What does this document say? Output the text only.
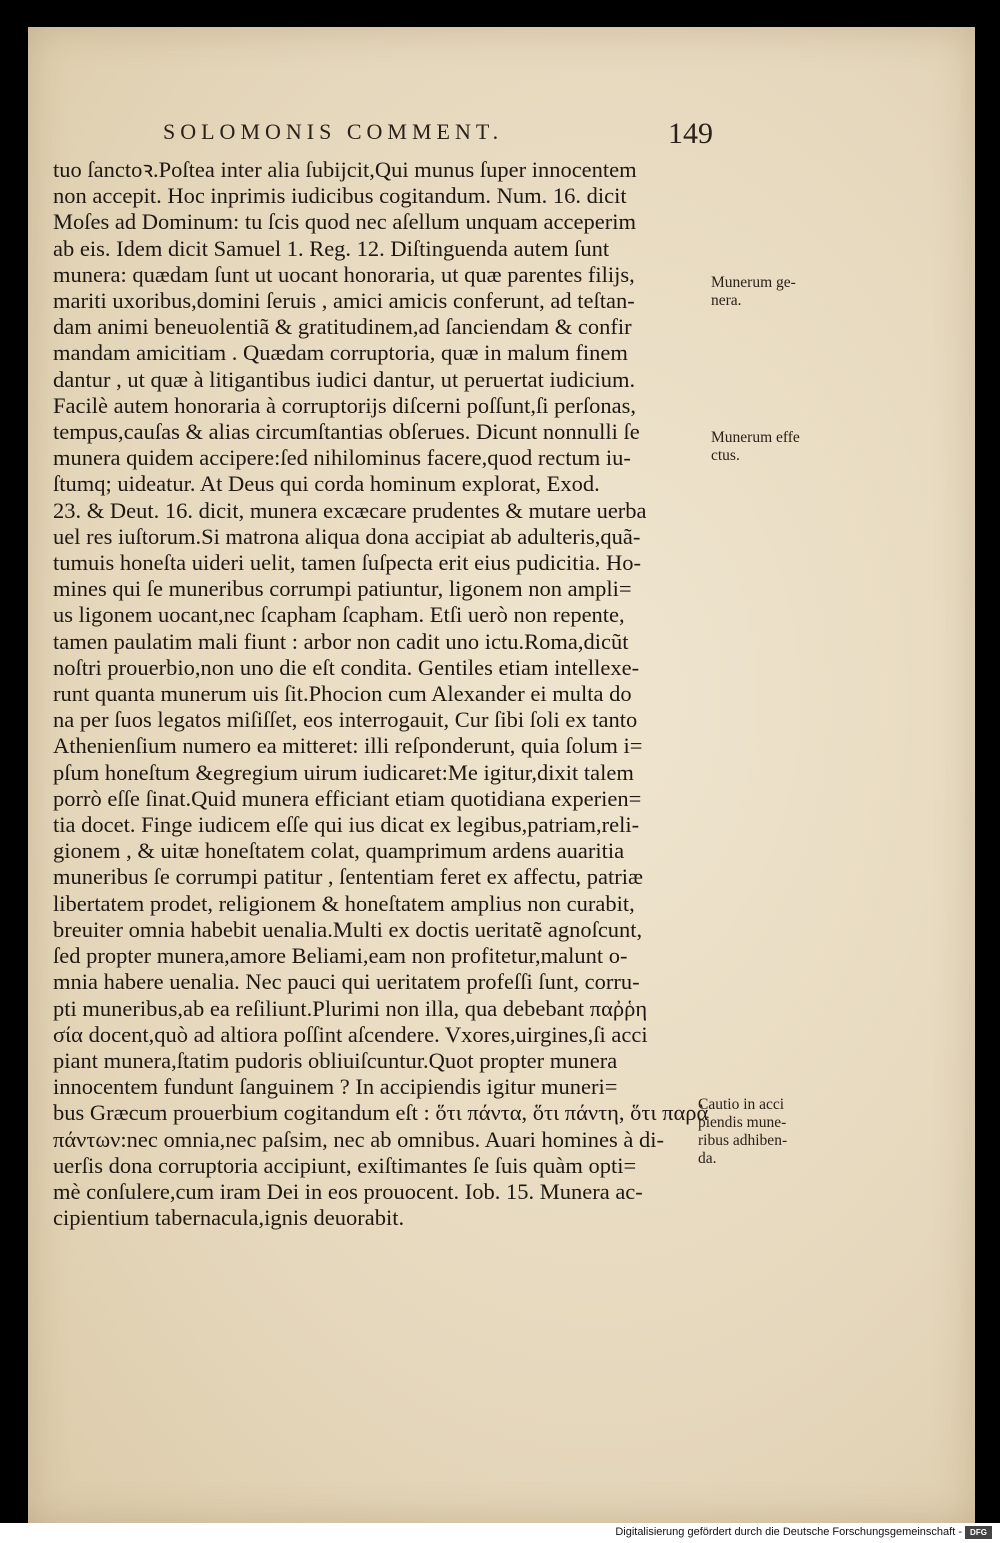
SOLOMONIS COMMENT.	149
tuo ſanctoꝛ.Poſtea inter alia ſubijcit,Qui munus ſuper innocentem
non accepit. Hoc inprimis iudicibus cogitandum. Num. 16. dicit
Moſes ad Dominum: tu ſcis quod nec aſellum unquam acceperim
ab eis. Idem dicit Samuel 1. Reg. 12. Diſtinguenda autem ſunt
munera: quædam ſunt ut uocant honoraria, ut quæ parentes filijs,
mariti uxoribus,domini ſeruis , amici amicis conferunt, ad teſtan-
dam animi beneuolentiã & gratitudinem,ad ſanciendam & confir
mandam amicitiam . Quædam corruptoria, quæ in malum finem
dantur , ut quæ à litigantibus iudici dantur, ut peruertat iudicium.
Facilè autem honoraria à corruptorijs diſcerni poſſunt,ſi perſonas,
tempus,cauſas & alias circumſtantias obſerues. Dicunt nonnulli ſe
munera quidem accipere:ſed nihilominus facere,quod rectum iu-
ſtumq; uideatur. At Deus qui corda hominum explorat, Exod.
23. & Deut. 16. dicit, munera excæcare prudentes & mutare uerba
uel res iuſtorum.Si matrona aliqua dona accipiat ab adulteris,quã-
tumuis honeſta uideri uelit, tamen ſuſpecta erit eius pudicitia. Ho-
mines qui ſe muneribus corrumpi patiuntur, ligonem non ampli=
us ligonem uocant,nec ſcapham ſcapham. Etſi uerò non repente,
tamen paulatim mali fiunt : arbor non cadit uno ictu.Roma,dicũt
noſtri prouerbio,non uno die eſt condita. Gentiles etiam intellexe-
runt quanta munerum uis ſit.Phocion cum Alexander ei multa do
na per ſuos legatos miſiſſet, eos interrogauit, Cur ſibi ſoli ex tanto
Athenienſium numero ea mitteret: illi reſponderunt, quia ſolum i=
pſum honeſtum &egregium uirum iudicaret:Me igitur,dixit talem
porrò eſſe ſinat.Quid munera efficiant etiam quotidiana experien=
tia docet. Finge iudicem eſſe qui ius dicat ex legibus,patriam,reli-
gionem , & uitæ honeſtatem colat, quamprimum ardens auaritia
muneribus ſe corrumpi patitur , ſententiam feret ex affectu, patriæ
libertatem prodet, religionem & honeſtatem amplius non curabit,
breuiter omnia habebit uenalia.Multi ex doctis ueritatẽ agnoſcunt,
ſed propter munera,amore Beliami,eam non profitetur,malunt o-
mnia habere uenalia. Nec pauci qui ueritatem profeſſi ſunt, corru-
pti muneribus,ab ea reſiliunt.Plurimi non illa, qua debebant παῤῥη
σία docent,quò ad altiora poſſint aſcendere. Vxores,uirgines,ſi acci
piant munera,ſtatim pudoris obliuiſcuntur.Quot propter munera
innocentem fundunt ſanguinem ? In accipiendis igitur muneri=
bus Græcum prouerbium cogitandum eſt : ὅτι πάντα, ὅτι πάντη, ὅτι παρὰ
πάντων:nec omnia,nec paſsim, nec ab omnibus. Auari homines à di-
uerſis dona corruptoria accipiunt, exiſtimantes ſe ſuis quàm opti=
mè conſulere,cum iram Dei in eos prouocent. Iob. 15. Munera ac-
cipientium tabernacula,ignis deuorabit.
Munerum ge-
nera.
Munerum effe
ctus.
Cautio in acci
piendis mune-
ribus adhiben-
da.
Digitalisierung gefördert durch die Deutsche Forschungsgemeinschaft -	DFG
